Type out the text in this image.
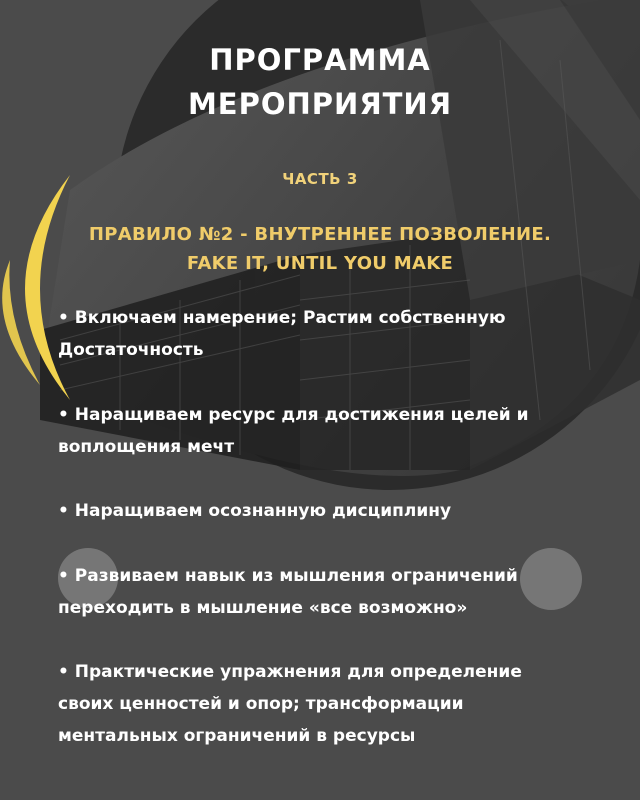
ПРОГРАММА
МЕРОПРИЯТИЯ
ЧАСТЬ 3
ПРАВИЛО №2 - ВНУТРЕННЕЕ ПОЗВОЛЕНИЕ.
FAKE IT, UNTIL YOU MAKE
• Включаем намерение; Растим собственную
Достаточность
• Наращиваем ресурс для достижения целей и
воплощения мечт
• Наращиваем осознанную дисциплину
• Развиваем навык из мышления ограничений
переходить в мышление «все возможно»
• Практические упражнения для определение
своих ценностей и опор; трансформации
ментальных ограничений в ресурсы
